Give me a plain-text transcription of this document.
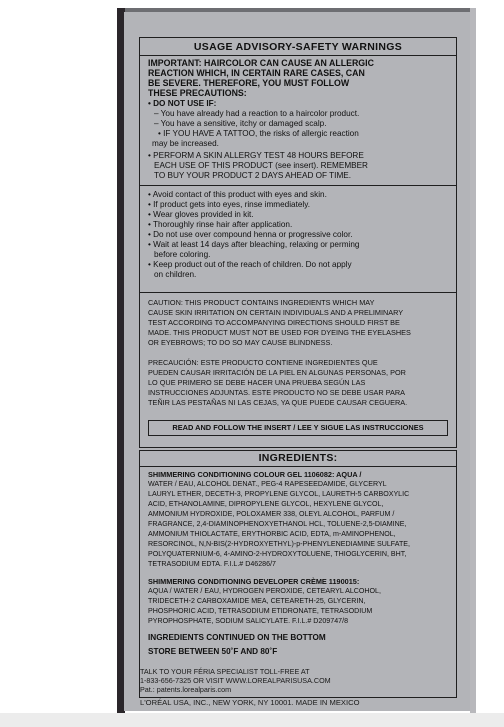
USAGE ADVISORY-SAFETY WARNINGS
IMPORTANT: HAIRCOLOR CAN CAUSE AN ALLERGIC
REACTION WHICH, IN CERTAIN RARE CASES, CAN
BE SEVERE. THEREFORE, YOU MUST FOLLOW
THESE PRECAUTIONS:
• DO NOT USE IF:
– You have already had a reaction to a haircolor product.
– You have a sensitive, itchy or damaged scalp.
• IF YOU HAVE A TATTOO, the risks of allergic reaction
may be increased.
• PERFORM A SKIN ALLERGY TEST 48 HOURS BEFORE
EACH USE OF THIS PRODUCT (see insert). REMEMBER
TO BUY YOUR PRODUCT 2 DAYS AHEAD OF TIME.
• Avoid contact of this product with eyes and skin.
• If product gets into eyes, rinse immediately.
• Wear gloves provided in kit.
• Thoroughly rinse hair after application.
• Do not use over compound henna or progressive color.
• Wait at least 14 days after bleaching, relaxing or perming
before coloring.
• Keep product out of the reach of children. Do not apply
on children.
CAUTION: THIS PRODUCT CONTAINS INGREDIENTS WHICH MAY
CAUSE SKIN IRRITATION ON CERTAIN INDIVIDUALS AND A PRELIMINARY
TEST ACCORDING TO ACCOMPANYING DIRECTIONS SHOULD FIRST BE
MADE. THIS PRODUCT MUST NOT BE USED FOR DYEING THE EYELASHES
OR EYEBROWS; TO DO SO MAY CAUSE BLINDNESS.
PRECAUCIÓN: ESTE PRODUCTO CONTIENE INGREDIENTES QUE
PUEDEN CAUSAR IRRITACIÓN DE LA PIEL EN ALGUNAS PERSONAS, POR
LO QUE PRIMERO SE DEBE HACER UNA PRUEBA SEGÚN LAS
INSTRUCCIONES ADJUNTAS. ESTE PRODUCTO NO SE DEBE USAR PARA
TEÑIR LAS PESTAÑAS NI LAS CEJAS, YA QUE PUEDE CAUSAR CEGUERA.
READ AND FOLLOW THE INSERT / LEE Y SIGUE LAS INSTRUCCIONES
INGREDIENTS:
SHIMMERING CONDITIONING COLOUR GEL 1106082: AQUA /
WATER / EAU, ALCOHOL DENAT., PEG-4 RAPESEEDAMIDE, GLYCERYL
LAURYL ETHER, DECETH-3, PROPYLENE GLYCOL, LAURETH-5 CARBOXYLIC
ACID, ETHANOLAMINE, DIPROPYLENE GLYCOL, HEXYLENE GLYCOL,
AMMONIUM HYDROXIDE, POLOXAMER 338, OLEYL ALCOHOL, PARFUM /
FRAGRANCE, 2,4-DIAMINOPHENOXYETHANOL HCL, TOLUENE-2,5-DIAMINE,
AMMONIUM THIOLACTATE, ERYTHORBIC ACID, EDTA, m-AMINOPHENOL,
RESORCINOL, N,N-BIS(2-HYDROXYETHYL)-p-PHENYLENEDIAMINE SULFATE,
POLYQUATERNIUM-6, 4-AMINO-2-HYDROXYTOLUENE, THIOGLYCERIN, BHT,
TETRASODIUM EDTA. F.I.L.# D46286/7
SHIMMERING CONDITIONING DEVELOPER CRÈME 1190015:
AQUA / WATER / EAU, HYDROGEN PEROXIDE, CETEARYL ALCOHOL,
TRIDECETH-2 CARBOXAMIDE MEA, CETEARETH-25, GLYCERIN,
PHOSPHORIC ACID, TETRASODIUM ETIDRONATE, TETRASODIUM
PYROPHOSPHATE, SODIUM SALICYLATE. F.I.L.# D209747/8
INGREDIENTS CONTINUED ON THE BOTTOM
STORE BETWEEN 50˚F AND 80˚F
TALK TO YOUR FÉRIA SPECIALIST TOLL-FREE AT
1-833-656-7325 OR VISIT WWW.LOREALPARISUSA.COM
Pat.: patents.lorealparis.com
L'ORÉAL USA, INC., NEW YORK, NY 10001. MADE IN MEXICO
